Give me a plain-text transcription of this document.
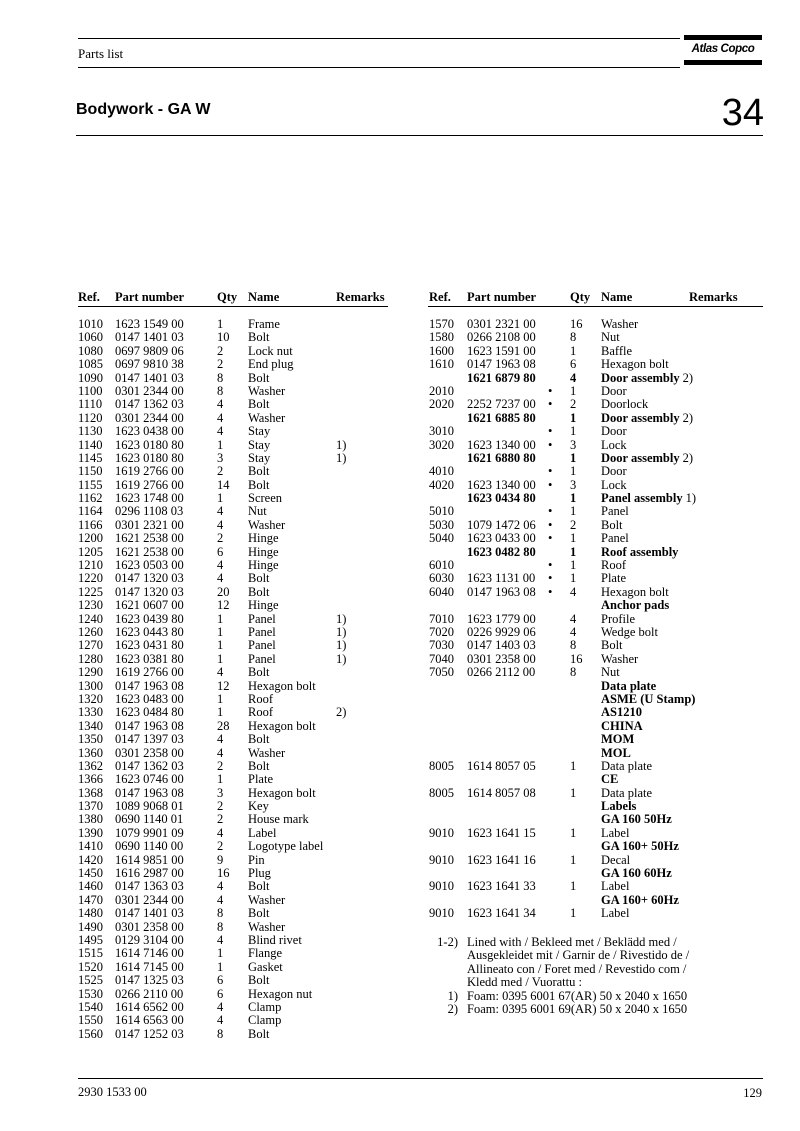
Parts list	Atlas Copco
Bodywork - GA W	34
Ref. Part number	Qty Name	Remarks	Ref. Part number	Qty Name	Remarks
1010 1623 1549 00	1 Frame
1060 0147 1401 03	10 Bolt
1080 0697 9809 06	2 Lock nut
1085 0697 9810 38	2 End plug
1090 0147 1401 03	8 Bolt
1100 0301 2344 00	8 Washer
1110 0147 1362 03	4 Bolt
1120 0301 2344 00	4 Washer
1130 1623 0438 00	4 Stay
1140 1623 0180 80	1 Stay	1)
1145 1623 0180 80	3 Stay	1)
1150 1619 2766 00	2 Bolt
1155 1619 2766 00	14 Bolt
1162 1623 1748 00	1 Screen
1164 0296 1108 03	4 Nut
1166 0301 2321 00	4 Washer
1200 1621 2538 00	2 Hinge
1205 1621 2538 00	6 Hinge
1210 1623 0503 00	4 Hinge
1220 0147 1320 03	4 Bolt
1225 0147 1320 03	20 Bolt
1230 1621 0607 00	12 Hinge
1240 1623 0439 80	1 Panel	1)
1260 1623 0443 80	1 Panel	1)
1270 1623 0431 80	1 Panel	1)
1280 1623 0381 80	1 Panel	1)
1290 1619 2766 00	4 Bolt
1300 0147 1963 08	12 Hexagon bolt
1320 1623 0483 00	1 Roof
1330 1623 0484 80	1 Roof	2)
1340 0147 1963 08	28 Hexagon bolt
1350 0147 1397 03	4 Bolt
1360 0301 2358 00	4 Washer
1362 0147 1362 03	2 Bolt
1366 1623 0746 00	1 Plate
1368 0147 1963 08	3 Hexagon bolt
1370 1089 9068 01	2 Key
1380 0690 1140 01	2 House mark
1390 1079 9901 09	4 Label
1410 0690 1140 00	2 Logotype label
1420 1614 9851 00	9 Pin
1450 1616 2987 00	16 Plug
1460 0147 1363 03	4 Bolt
1470 0301 2344 00	4 Washer
1480 0147 1401 03	8 Bolt
1490 0301 2358 00	8 Washer
1495 0129 3104 00	4 Blind rivet
1515 1614 7146 00	1 Flange
1520 1614 7145 00	1 Gasket
1525 0147 1325 03	6 Bolt
1530 0266 2110 00	6 Hexagon nut
1540 1614 6562 00	4 Clamp
1550 1614 6563 00	4 Clamp
1560 0147 1252 03	8 Bolt
1570 0301 2321 00	16 Washer
1580 0266 2108 00	8 Nut
1600 1623 1591 00	1 Baffle
1610 0147 1963 08	6 Hexagon bolt
1621 6879 80	4 Door assembly 2)
2010	• 1 Door
2020 2252 7237 00 • 2 Doorlock
1621 6885 80	1 Door assembly 2)
3010	• 1 Door
3020 1623 1340 00 • 3 Lock
1621 6880 80	1 Door assembly 2)
4010	• 1 Door
4020 1623 1340 00 • 3 Lock
1623 0434 80	1 Panel assembly 1)
5010	• 1 Panel
5030 1079 1472 06 • 2 Bolt
5040 1623 0433 00 • 1 Panel
1623 0482 80	1 Roof assembly
6010	• 1 Roof
6030 1623 1131 00 • 1 Plate
6040 0147 1963 08 • 4 Hexagon bolt
Anchor pads
7010 1623 1779 00	4 Profile
7020 0226 9929 06	4 Wedge bolt
7030 0147 1403 03	8 Bolt
7040 0301 2358 00	16 Washer
7050 0266 2112 00	8 Nut
Data plate
ASME (U Stamp)
AS1210
CHINA
MOM
MOL
8005 1614 8057 05	1 Data plate
CE
8005 1614 8057 08	1 Data plate
Labels
GA 160 50Hz
9010 1623 1641 15	1 Label
GA 160+ 50Hz
9010 1623 1641 16	1 Decal
GA 160 60Hz
9010 1623 1641 33	1 Label
GA 160+ 60Hz
9010 1623 1641 34	1 Label
1-2) Lined with / Bekleed met / Beklädd med /
Ausgekleidet mit / Garnir de / Rivestido de /
Allineato con / Foret med / Revestido com /
Kledd med / Vuorattu :
1) Foam: 0395 6001 67(AR) 50 x 2040 x 1650
2) Foam: 0395 6001 69(AR) 50 x 2040 x 1650
2930 1533 00	129
